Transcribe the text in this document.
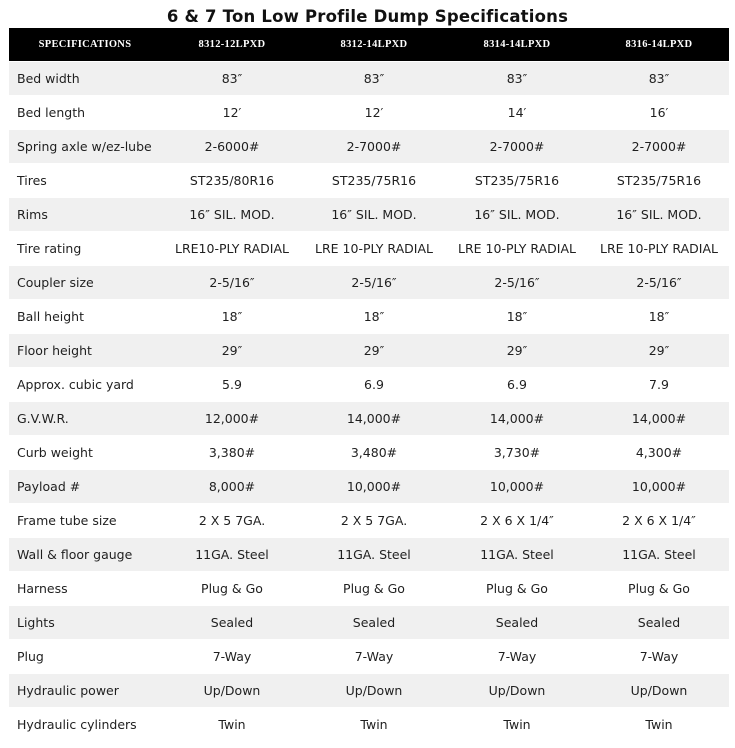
6 & 7 Ton Low Profile Dump Specifications
SPECIFICATIONS	8312-12LPXD	8312-14LPXD	8314-14LPXD	8316-14LPXD
Bed width	83″	83″	83″	83″
Bed length	12′	12′	14′	16′
Spring axle w/ez-lube	2-6000#	2-7000#	2-7000#	2-7000#
Tires	ST235/80R16	ST235/75R16	ST235/75R16	ST235/75R16
Rims	16″ SIL. MOD.	16″ SIL. MOD.	16″ SIL. MOD.	16″ SIL. MOD.
Tire rating	LRE10-PLY RADIAL	LRE 10-PLY RADIAL	LRE 10-PLY RADIAL	LRE 10-PLY RADIAL
Coupler size	2-5/16″	2-5/16″	2-5/16″	2-5/16″
Ball height	18″	18″	18″	18″
Floor height	29″	29″	29″	29″
Approx. cubic yard	5.9	6.9	6.9	7.9
G.V.W.R.	12,000#	14,000#	14,000#	14,000#
Curb weight	3,380#	3,480#	3,730#	4,300#
Payload #	8,000#	10,000#	10,000#	10,000#
Frame tube size	2 X 5 7GA.	2 X 5 7GA.	2 X 6 X 1/4″	2 X 6 X 1/4″
Wall & floor gauge	11GA. Steel	11GA. Steel	11GA. Steel	11GA. Steel
Harness	Plug & Go	Plug & Go	Plug & Go	Plug & Go
Lights	Sealed	Sealed	Sealed	Sealed
Plug	7-Way	7-Way	7-Way	7-Way
Hydraulic power	Up/Down	Up/Down	Up/Down	Up/Down
Hydraulic cylinders	Twin	Twin	Twin	Twin
